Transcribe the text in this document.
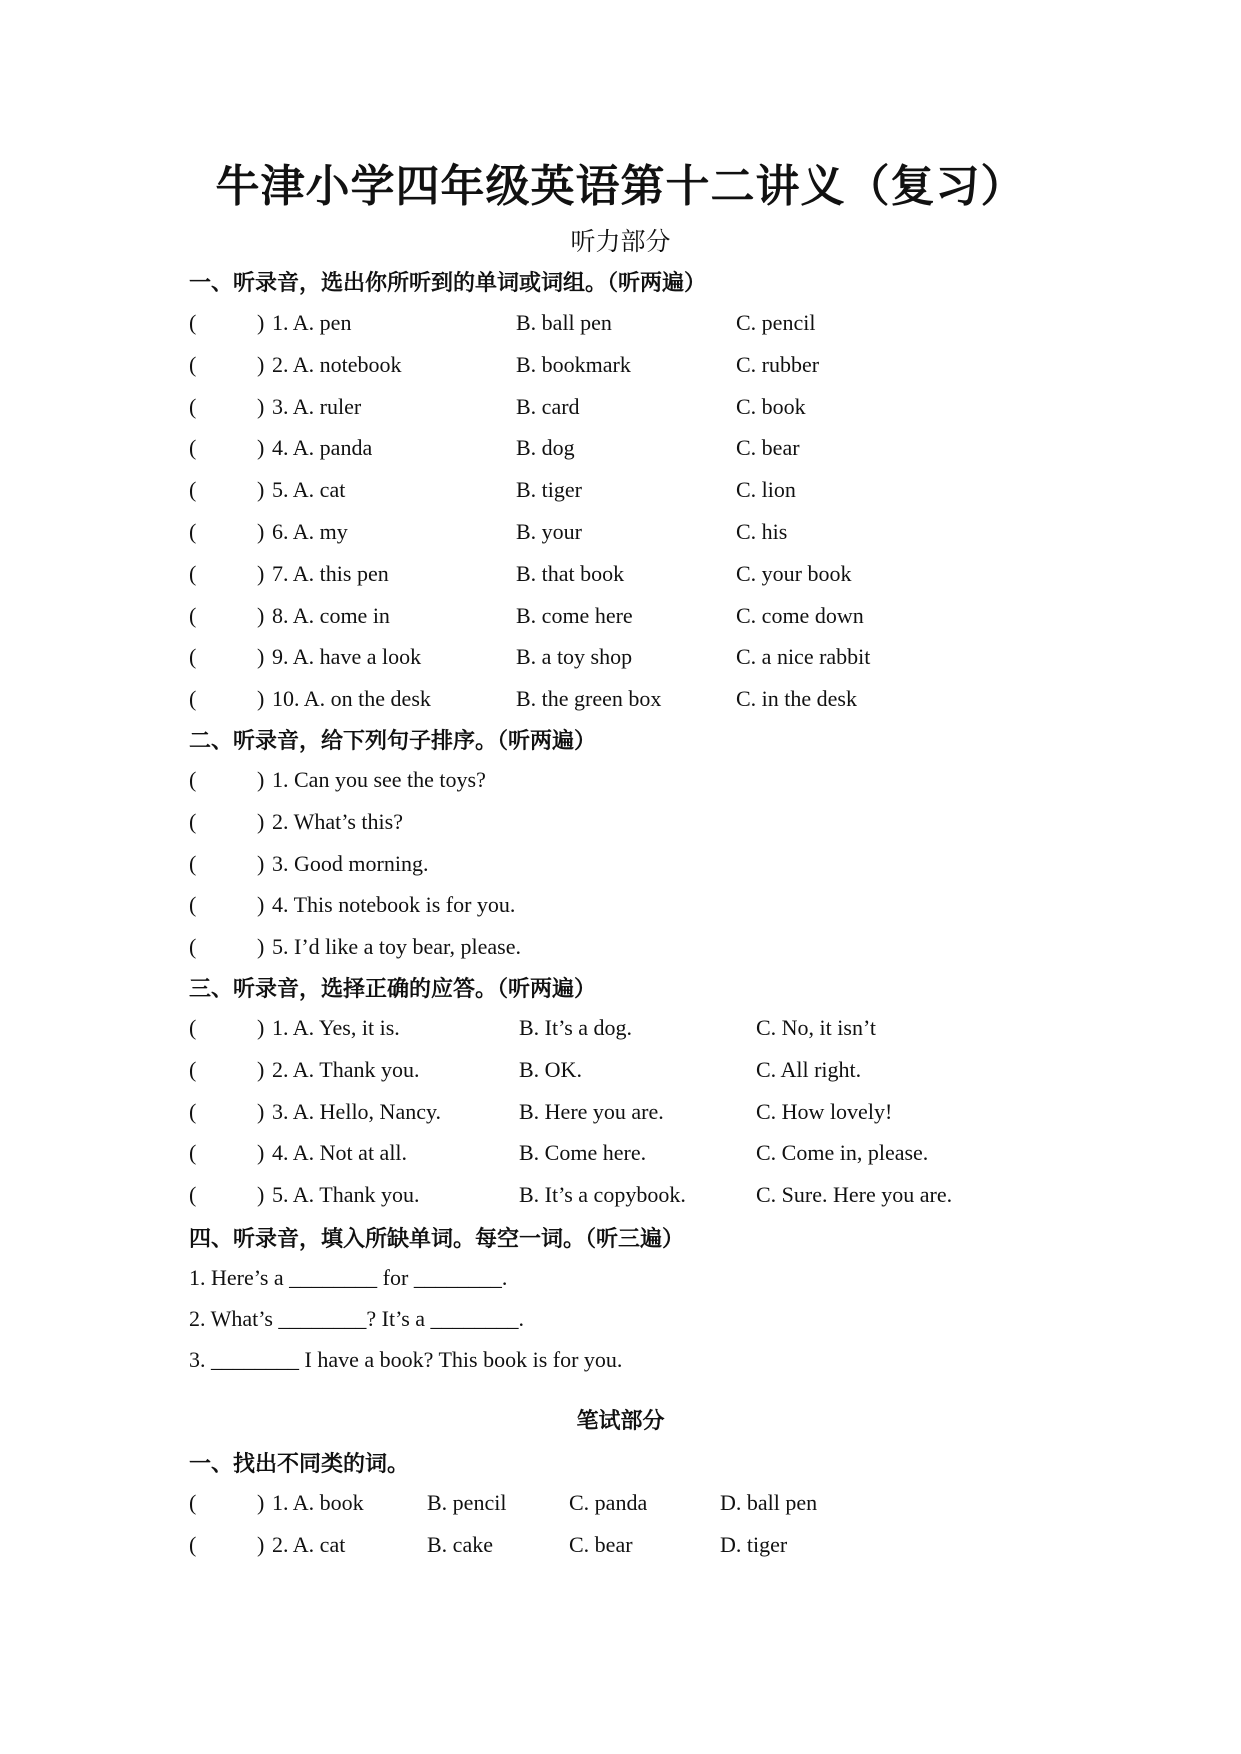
牛津小学四年级英语第十二讲义（复习）
听力部分
一、听录音，选出你所听到的单词或词组。（听两遍）
(	) 1. A. pen	B. ball pen	C. pencil
(	) 2. A. notebook	B. bookmark	C. rubber
(	) 3. A. ruler	B. card	C. book
(	) 4. A. panda	B. dog	C. bear
(	) 5. A. cat	B. tiger	C. lion
(	) 6. A. my	B. your	C. his
(	) 7. A. this pen	B. that book	C. your book
(	) 8. A. come in	B. come here	C. come down
(	) 9. A. have a look	B. a toy shop	C. a nice rabbit
(	) 10. A. on the desk	B. the green box	C. in the desk
二、听录音，给下列句子排序。（听两遍）
(	) 1. Can you see the toys?
(	) 2. What’s this?
(	) 3. Good morning.
(	) 4. This notebook is for you.
(	) 5. I’d like a toy bear, please.
三、听录音，选择正确的应答。（听两遍）
(	) 1. A. Yes, it is.	B. It’s a dog.	C. No, it isn’t
(	) 2. A. Thank you.	B. OK.	C. All right.
(	) 3. A. Hello, Nancy.	B. Here you are.	C. How lovely!
(	) 4. A. Not at all.	B. Come here.	C. Come in, please.
(	) 5. A. Thank you.	B. It’s a copybook.	C. Sure. Here you are.
四、听录音，填入所缺单词。每空一词。（听三遍）
1. Here’s a ________ for ________.
2. What’s ________? It’s a ________.
3. ________ I have a book? This book is for you.
笔试部分
一、找出不同类的词。
(	) 1. A. book	B. pencil	C. panda	D. ball pen
(	) 2. A. cat	B. cake	C. bear	D. tiger
